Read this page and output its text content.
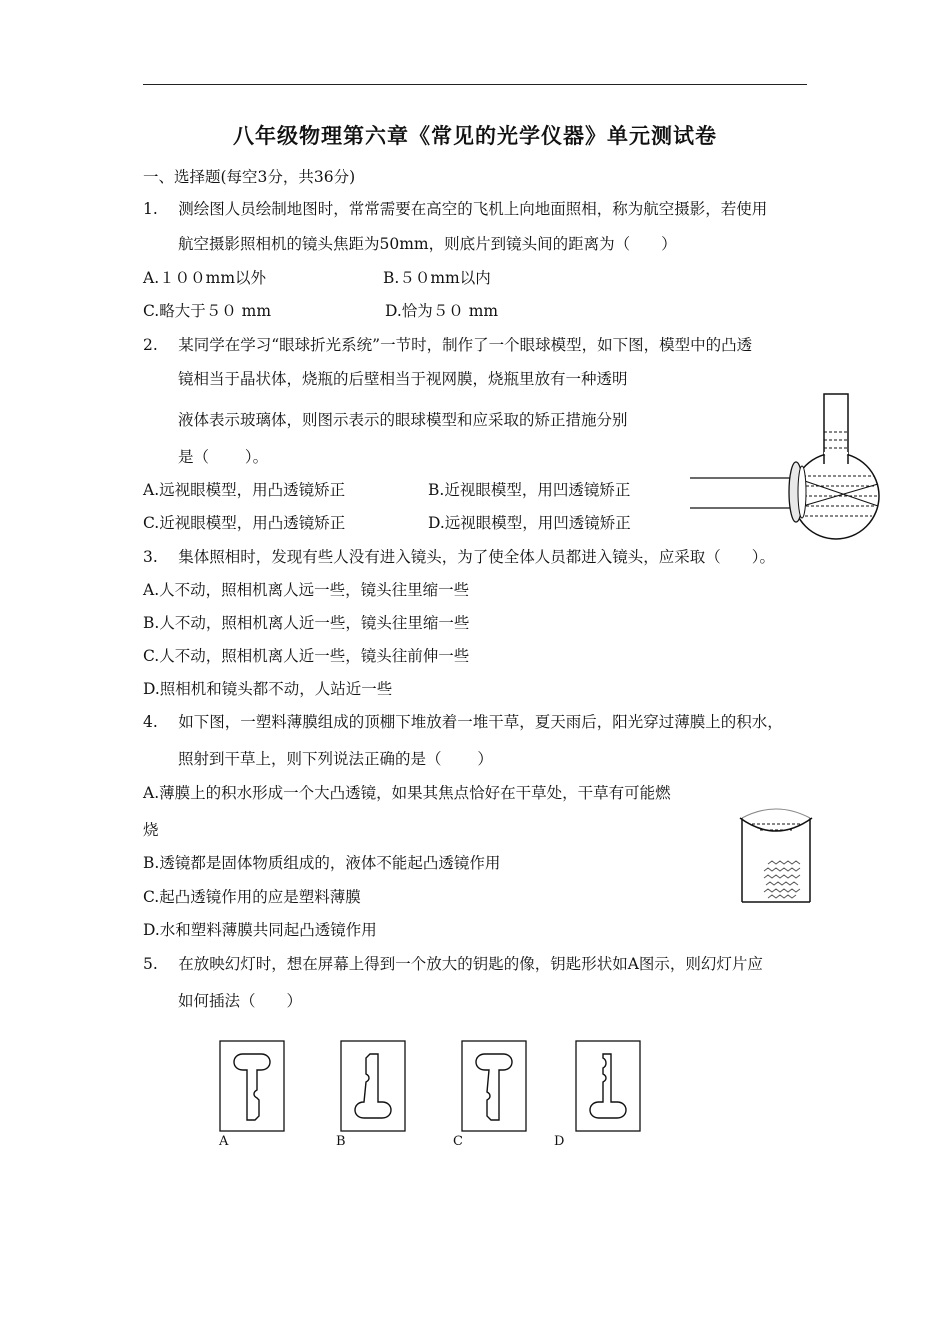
八年级物理第六章《常见的光学仪器》单元测试卷
一、选择题(每空3分，共36分)
1.　 测绘图人员绘制地图时，常常需要在高空的飞机上向地面照相，称为航空摄影，若使用
航空摄影照相机的镜头焦距为50mm，则底片到镜头间的距离为（　　）
A.１００mm以外	B.５０mm以内
C.略大于５０ mm	D.恰为５０ mm
2.　 某同学在学习“眼球折光系统”一节时，制作了一个眼球模型，如下图，模型中的凸透
镜相当于晶状体，烧瓶的后壁相当于视网膜，烧瓶里放有一种透明
液体表示玻璃体，则图示表示的眼球模型和应采取的矫正措施分别
是（　　 ）。
A.远视眼模型，用凸透镜矫正	B.近视眼模型，用凹透镜矫正
C.近视眼模型，用凸透镜矫正	D.远视眼模型，用凹透镜矫正
3.　 集体照相时，发现有些人没有进入镜头，为了使全体人员都进入镜头，应采取（　　）。
A.人不动，照相机离人远一些，镜头往里缩一些
B.人不动，照相机离人近一些，镜头往里缩一些
C.人不动，照相机离人近一些，镜头往前伸一些
D.照相机和镜头都不动，人站近一些
4.　 如下图，一塑料薄膜组成的顶棚下堆放着一堆干草，夏天雨后，阳光穿过薄膜上的积水，
照射到干草上，则下列说法正确的是（　　 ）
A.薄膜上的积水形成一个大凸透镜，如果其焦点恰好在干草处，干草有可能燃
烧
B.透镜都是固体物质组成的，液体不能起凸透镜作用
C.起凸透镜作用的应是塑料薄膜
D.水和塑料薄膜共同起凸透镜作用
5.　 在放映幻灯时，想在屏幕上得到一个放大的钥匙的像，钥匙形状如A图示，则幻灯片应
如何插法（　　）
A	B	C	D
